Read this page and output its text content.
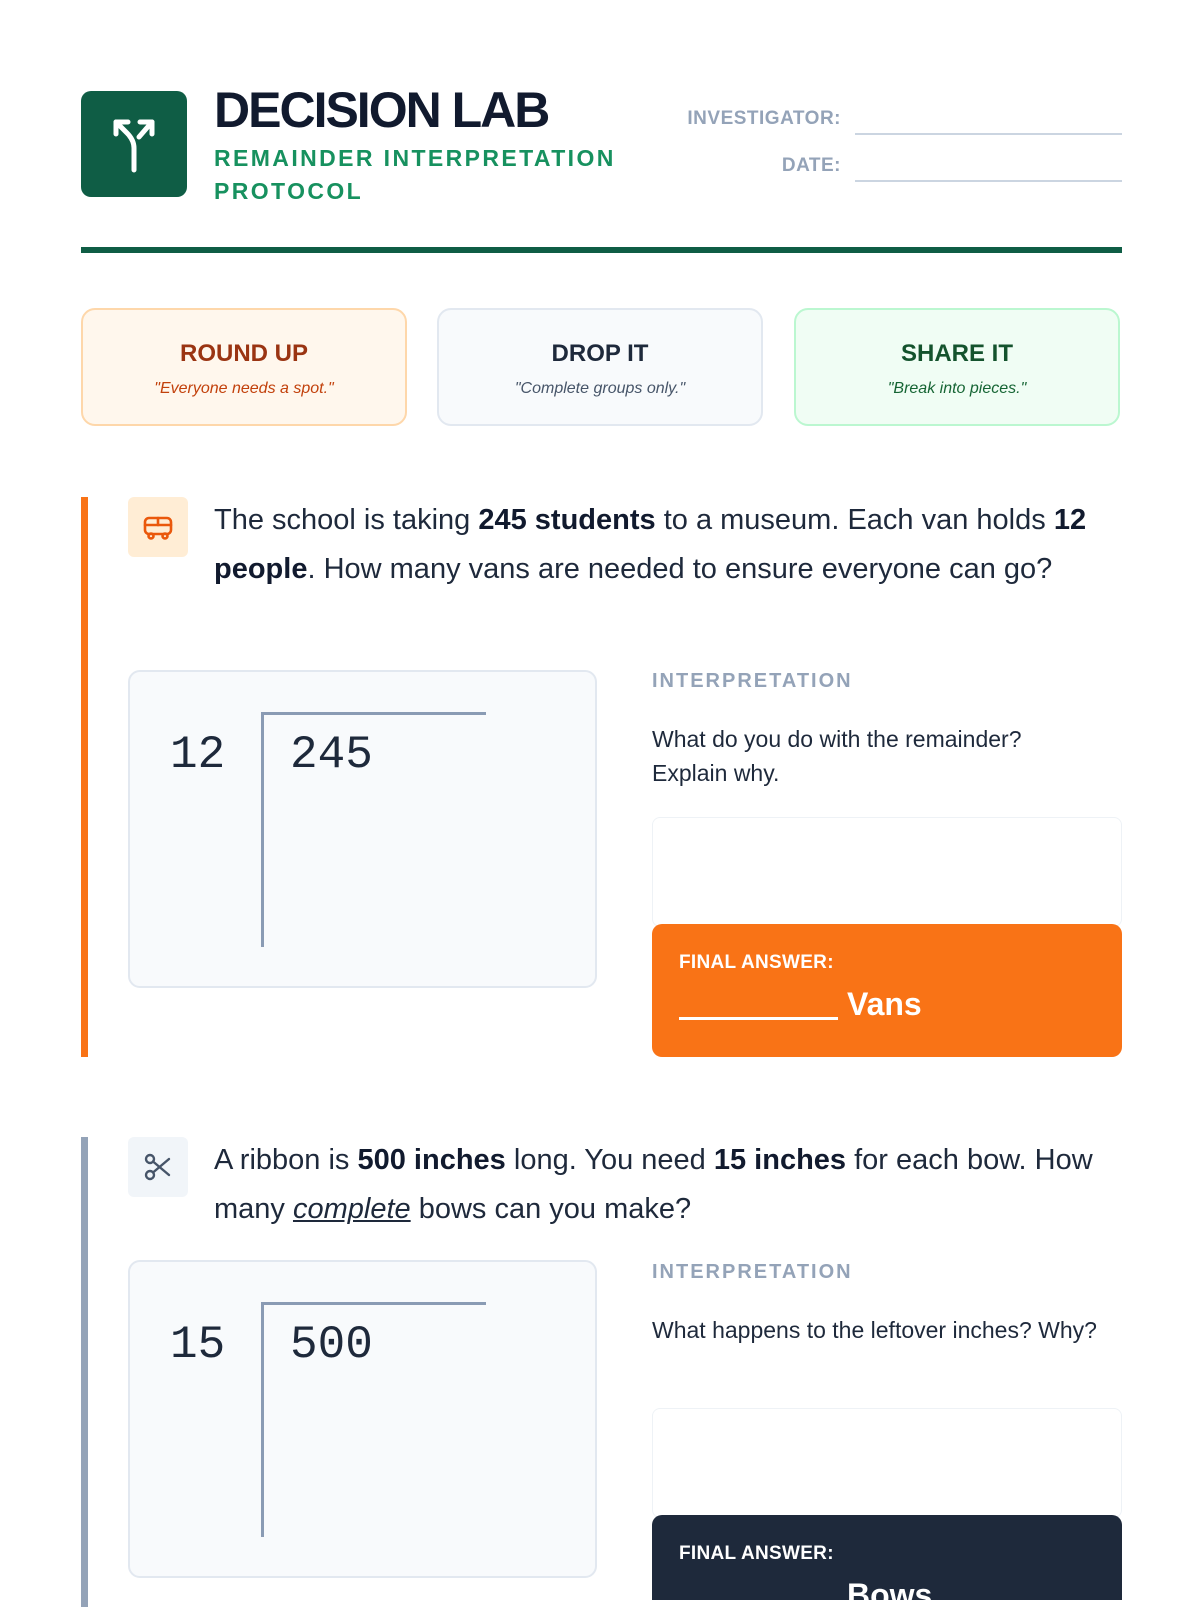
DECISION LAB
REMAINDER INTERPRETATION PROTOCOL
INVESTIGATOR:
DATE:
ROUND UP
"Everyone needs a spot."
DROP IT
"Complete groups only."
SHARE IT
"Break into pieces."
The school is taking 245 students to a museum. Each van holds 12 people. How many vans are needed to ensure everyone can go?
12 245
INTERPRETATION
What do you do with the remainder? Explain why.
FINAL ANSWER:
Vans
A ribbon is 500 inches long. You need 15 inches for each bow. How many complete bows can you make?
15 500
INTERPRETATION
What happens to the leftover inches? Why?
FINAL ANSWER:
Bows
